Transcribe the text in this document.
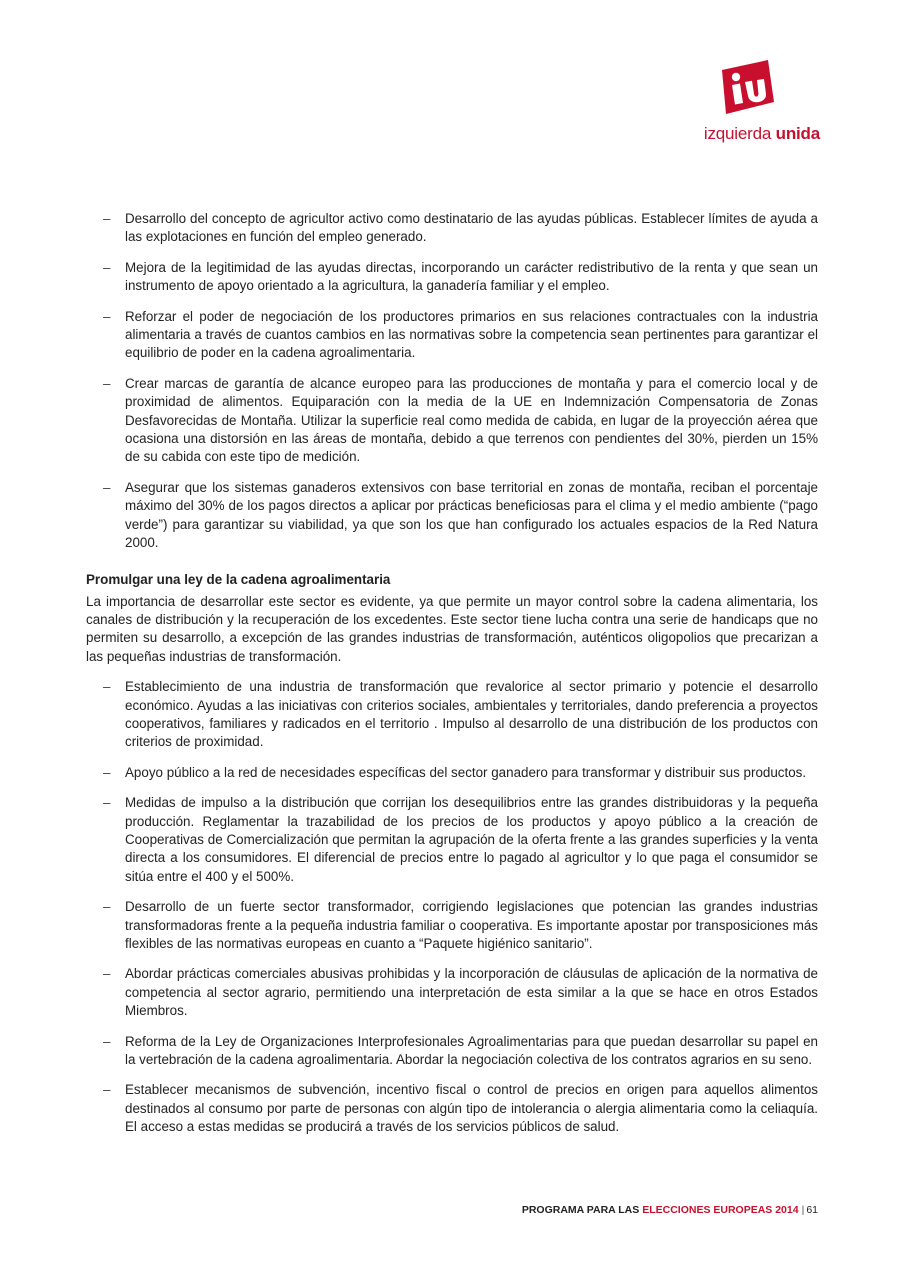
izquierda unida
– Desarrollo del concepto de agricultor activo como destinatario de las ayudas públicas. Establecer límites de ayuda a las explotaciones en función del empleo generado.
– Mejora de la legitimidad de las ayudas directas, incorporando un carácter redistributivo de la renta y que sean un instrumento de apoyo orientado a la agricultura, la ganadería familiar y el empleo.
– Reforzar el poder de negociación de los productores primarios en sus relaciones contractuales con la industria alimentaria a través de cuantos cambios en las normativas sobre la competencia sean pertinentes para garantizar el equilibrio de poder en la cadena agroalimentaria.
– Crear marcas de garantía de alcance europeo para las producciones de montaña y para el comercio local y de proximidad de alimentos. Equiparación con la media de la UE en Indemnización Compensatoria de Zonas Desfavorecidas de Montaña. Utilizar la superficie real como medida de cabida, en lugar de la proyección aérea que ocasiona una distorsión en las áreas de montaña, debido a que terrenos con pendientes del 30%, pierden un 15% de su cabida con este tipo de medición.
– Asegurar que los sistemas ganaderos extensivos con base territorial en zonas de montaña, reciban el porcentaje máximo del 30% de los pagos directos a aplicar por prácticas beneficiosas para el clima y el medio ambiente (“pago verde”) para garantizar su viabilidad, ya que son los que han configurado los actuales espacios de la Red Natura 2000.
Promulgar una ley de la cadena agroalimentaria

La importancia de desarrollar este sector es evidente, ya que permite un mayor control sobre la cadena alimentaria, los canales de distribución y la recuperación de los excedentes. Este sector tiene lucha contra una serie de handicaps que no permiten su desarrollo, a excepción de las grandes industrias de transformación, auténticos oligopolios que precarizan a las pequeñas industrias de transformación.

– Establecimiento de una industria de transformación que revalorice al sector primario y potencie el desarrollo económico. Ayudas a las iniciativas con criterios sociales, ambientales y territoriales, dando preferencia a proyectos cooperativos, familiares y radicados en el territorio . Impulso al desarrollo de una distribución de los productos con criterios de proximidad.
– Apoyo público a la red de necesidades específicas del sector ganadero para transformar y distribuir sus productos.
– Medidas de impulso a la distribución que corrijan los desequilibrios entre las grandes distribuidoras y la pequeña producción. Reglamentar la trazabilidad de los precios de los productos y apoyo público a la creación de Cooperativas de Comercialización que permitan la agrupación de la oferta frente a las grandes superficies y la venta directa a los consumidores. El diferencial de precios entre lo pagado al agricultor y lo que paga el consumidor se sitúa entre el 400 y el 500%.
– Desarrollo de un fuerte sector transformador, corrigiendo legislaciones que potencian las grandes industrias transformadoras frente a la pequeña industria familiar o cooperativa. Es importante apostar por transposiciones más flexibles de las normativas europeas en cuanto a “Paquete higiénico sanitario”.
– Abordar prácticas comerciales abusivas prohibidas y la incorporación de cláusulas de aplicación de la normativa de competencia al sector agrario, permitiendo una interpretación de esta similar a la que se hace en otros Estados Miembros.
– Reforma de la Ley de Organizaciones Interprofesionales Agroalimentarias para que puedan desarrollar su papel en la vertebración de la cadena agroalimentaria. Abordar la negociación colectiva de los contratos agrarios en su seno.
– Establecer mecanismos de subvención, incentivo fiscal o control de precios en origen para aquellos alimentos destinados al consumo por parte de personas con algún tipo de intolerancia o alergia alimentaria como la celiaquía. El acceso a estas medidas se producirá a través de los servicios públicos de salud.
PROGRAMA PARA LAS ELECCIONES EUROPEAS 2014 | 61
